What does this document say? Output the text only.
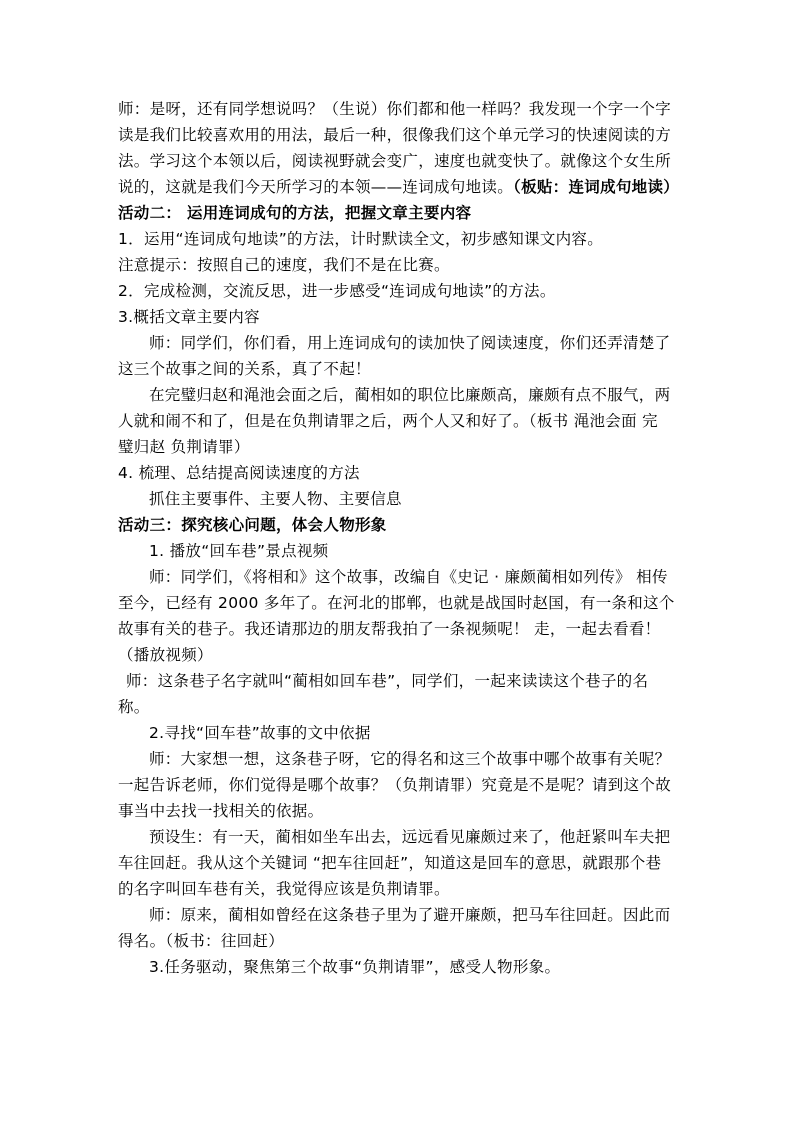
师：是呀，还有同学想说吗？（生说）你们都和他一样吗？我发现一个字一个字
读是我们比较喜欢用的用法，最后一种，很像我们这个单元学习的快速阅读的方
法。学习这个本领以后，阅读视野就会变广，速度也就变快了。就像这个女生所
说的，这就是我们今天所学习的本领——连词成句地读。（板贴：连词成句地读）
活动二： 运用连词成句的方法，把握文章主要内容
1．运用“连词成句地读”的方法，计时默读全文，初步感知课文内容。
注意提示：按照自己的速度，我们不是在比赛。
2．完成检测，交流反思，进一步感受“连词成句地读”的方法。
3.概括文章主要内容
师：同学们，你们看，用上连词成句的读加快了阅读速度，你们还弄清楚了
这三个故事之间的关系，真了不起！
在完璧归赵和渑池会面之后，蔺相如的职位比廉颇高，廉颇有点不服气，两
人就和闹不和了，但是在负荆请罪之后，两个人又和好了。（板书 渑池会面 完
璧归赵 负荆请罪）
4. 梳理、总结提高阅读速度的方法
抓住主要事件、主要人物、主要信息
活动三：探究核心问题，体会人物形象
1. 播放“回车巷”景点视频
师：同学们，《将相和》这个故事，改编自《史记 · 廉颇蔺相如列传》 相传
至今，已经有 2000 多年了。在河北的邯郸，也就是战国时赵国，有一条和这个
故事有关的巷子。我还请那边的朋友帮我拍了一条视频呢！ 走，一起去看看！
（播放视频）
师：这条巷子名字就叫“蔺相如回车巷”，同学们，一起来读读这个巷子的名
称。
2.寻找“回车巷”故事的文中依据
师：大家想一想，这条巷子呀，它的得名和这三个故事中哪个故事有关呢？
一起告诉老师，你们觉得是哪个故事？（负荆请罪）究竟是不是呢？请到这个故
事当中去找一找相关的依据。
预设生：有一天，蔺相如坐车出去，远远看见廉颇过来了，他赶紧叫车夫把
车往回赶。我从这个关键词 “把车往回赶”，知道这是回车的意思，就跟那个巷
的名字叫回车巷有关，我觉得应该是负荆请罪。
师：原来，蔺相如曾经在这条巷子里为了避开廉颇，把马车往回赶。因此而
得名。（板书：往回赶）
3.任务驱动，聚焦第三个故事“负荆请罪”，感受人物形象。
